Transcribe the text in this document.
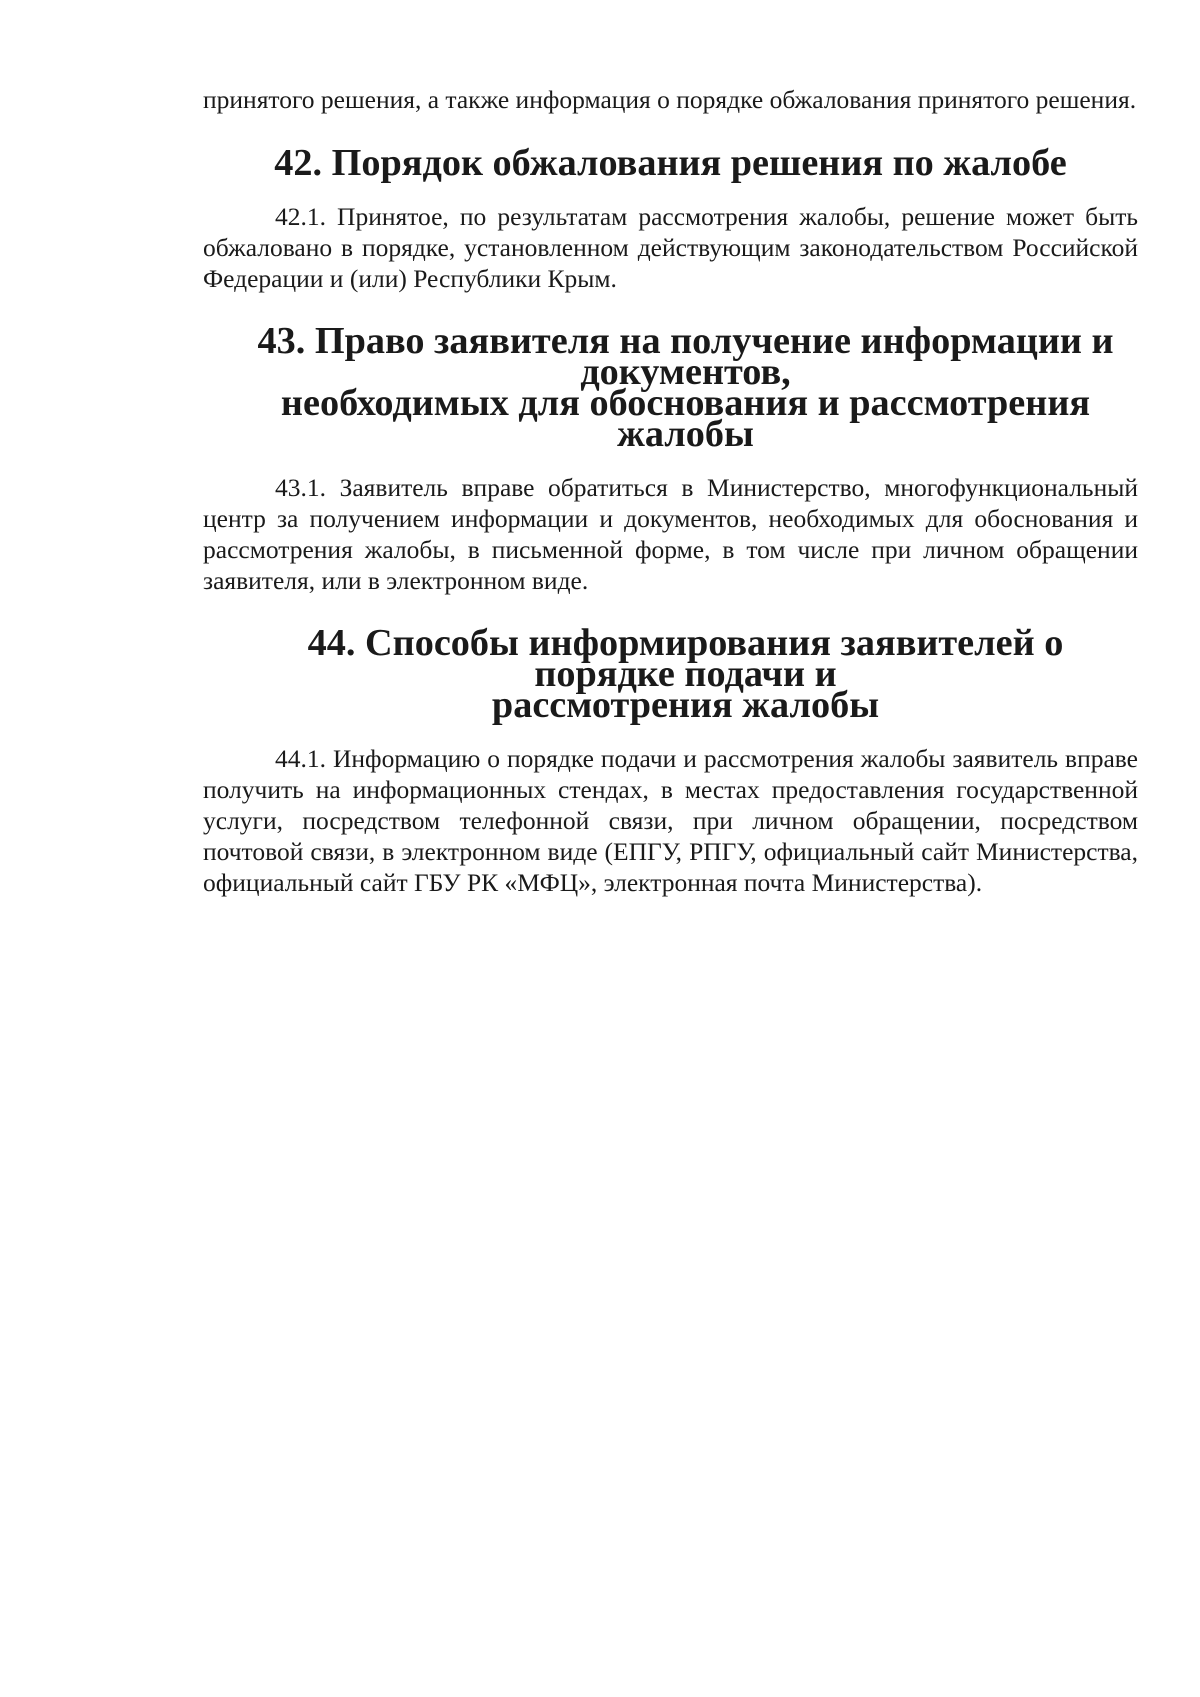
принятого решения, а также информация о порядке обжалования принятого решения.

42. Порядок обжалования решения по жалобе

42.1. Принятое, по результатам рассмотрения жалобы, решение может быть обжаловано в порядке, установленном действующим законодательством Российской Федерации и (или) Республики Крым.

43. Право заявителя на получение информации и документов,
необходимых для обоснования и рассмотрения жалобы

43.1. Заявитель вправе обратиться в Министерство, многофункциональный центр за получением информации и документов, необходимых для обоснования и рассмотрения жалобы, в письменной форме, в том числе при личном обращении заявителя, или в электронном виде.

44. Способы информирования заявителей о порядке подачи и
рассмотрения жалобы

44.1. Информацию о порядке подачи и рассмотрения жалобы заявитель вправе получить на информационных стендах, в местах предоставления государственной услуги, посредством телефонной связи, при личном обращении, посредством почтовой связи, в электронном виде (ЕПГУ, РПГУ, официальный сайт Министерства, официальный сайт ГБУ РК «МФЦ», электронная почта Министерства).
